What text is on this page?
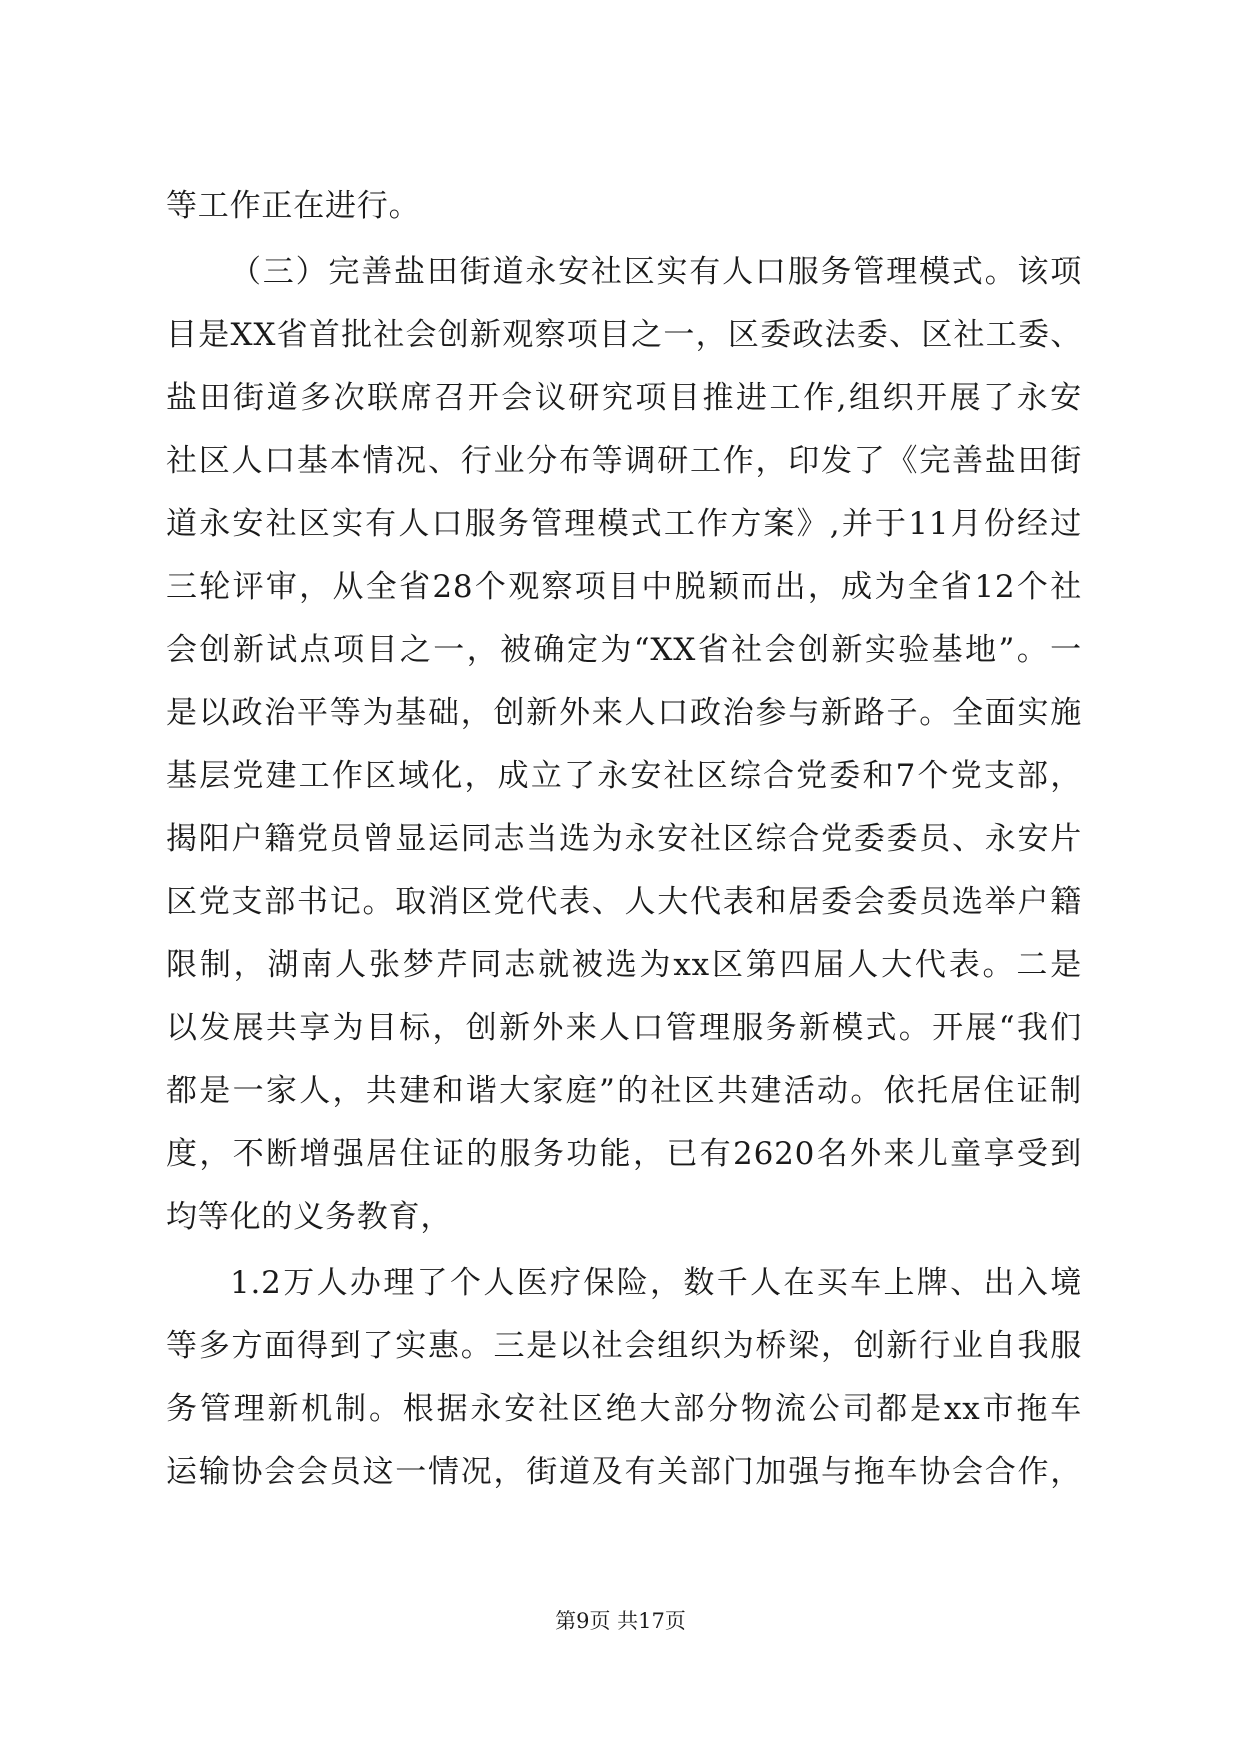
等工作正在进行。
（三）完善盐田街道永安社区实有人口服务管理模式。该项
目是XX省首批社会创新观察项目之一，区委政法委、区社工委、
盐田街道多次联席召开会议研究项目推进工作,组织开展了永安
社区人口基本情况、行业分布等调研工作，印发了《完善盐田街
道永安社区实有人口服务管理模式工作方案》,并于11月份经过
三轮评审，从全省28个观察项目中脱颖而出，成为全省12个社
会创新试点项目之一，被确定为“XX省社会创新实验基地”。一
是以政治平等为基础，创新外来人口政治参与新路子。全面实施
基层党建工作区域化，成立了永安社区综合党委和7个党支部，
揭阳户籍党员曾显运同志当选为永安社区综合党委委员、永安片
区党支部书记。取消区党代表、人大代表和居委会委员选举户籍
限制，湖南人张梦芹同志就被选为xx区第四届人大代表。二是
以发展共享为目标，创新外来人口管理服务新模式。开展“我们
都是一家人，共建和谐大家庭”的社区共建活动。依托居住证制
度，不断增强居住证的服务功能，已有2620名外来儿童享受到
均等化的义务教育，
1.2万人办理了个人医疗保险，数千人在买车上牌、出入境
等多方面得到了实惠。三是以社会组织为桥梁，创新行业自我服
务管理新机制。根据永安社区绝大部分物流公司都是xx市拖车
运输协会会员这一情况，街道及有关部门加强与拖车协会合作，
第9页 共17页
